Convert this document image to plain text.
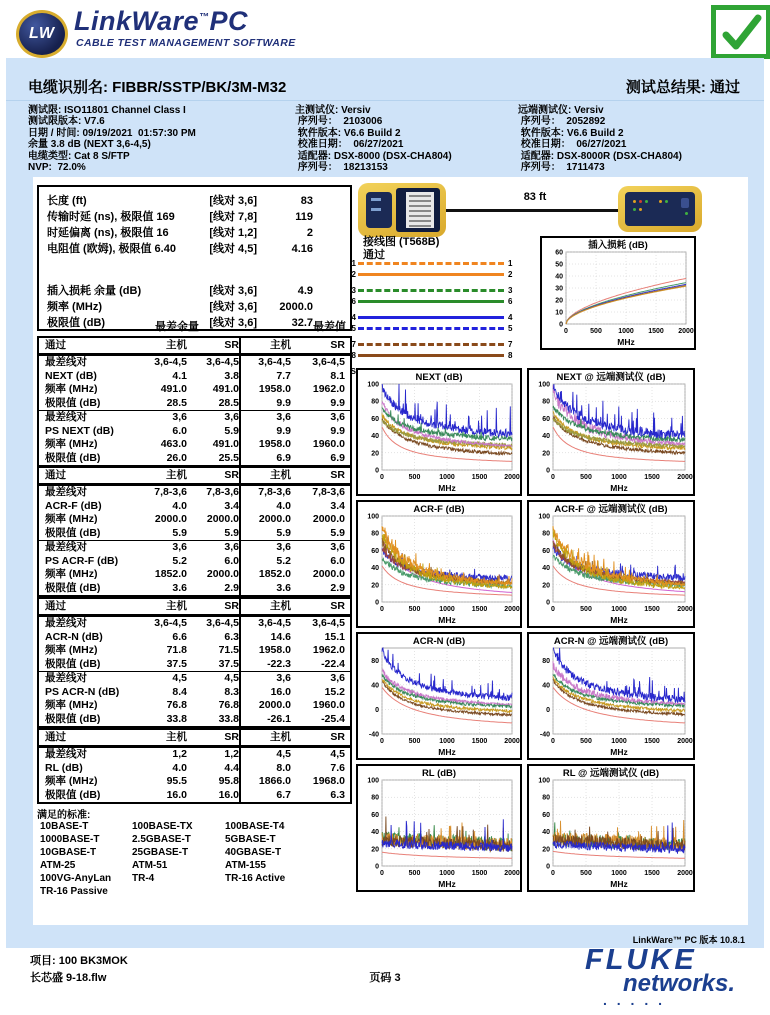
LW LinkWare™PC
CABLE TEST MANAGEMENT SOFTWARE
电缆识别名: FIBBR/SSTP/BK/3M-M32	测试总结果: 通过
测试限: ISO11801 Channel Class I
测试限版本: V7.6
日期 / 时间: 09/19/2021  01:57:30 PM
余量 3.8 dB (NEXT 3,6-4,5)
电缆类型: Cat 8 S/FTP
NVP:  72.0%
主测试仪: Versiv
序列号：  2103006
软件版本: V6.6 Build 2
校准日期：  06/27/2021
适配器: DSX-8000 (DSX-CHA804)
序列号：  18213153
远端测试仪: Versiv
序列号：  2052892
软件版本: V6.6 Build 2
校准日期：  06/27/2021
适配器: DSX-8000R (DSX-CHA804)
序列号：  1711473
长度 (ft)	[线对 3,6]	83
传输时延 (ns), 极限值 169	[线对 7,8]	119
时延偏离 (ns), 极限值 16	[线对 1,2]	2
电阻值 (欧姆), 极限值 6.40	[线对 4,5]	4.16
插入损耗 余量 (dB)	[线对 3,6]	4.9
频率 (MHz)	[线对 3,6]	2000.0
极限值 (dB)	[线对 3,6]	32.7
最差余量	最差值
通过	主机	SR	主机	SR
最差线对	3,6-4,5	3,6-4,5	3,6-4,5	3,6-4,5
NEXT (dB)	4.1	3.8	7.7	8.1
频率 (MHz)	491.0	491.0	1958.0	1962.0
极限值 (dB)	28.5	28.5	9.9	9.9
最差线对	3,6	3,6	3,6	3,6
PS NEXT (dB)	6.0	5.9	9.9	9.9
频率 (MHz)	463.0	491.0	1958.0	1960.0
极限值 (dB)	26.0	25.5	6.9	6.9
通过	主机	SR	主机	SR
最差线对	7,8-3,6	7,8-3,6	7,8-3,6	7,8-3,6
ACR-F (dB)	4.0	3.4	4.0	3.4
频率 (MHz)	2000.0	2000.0	2000.0	2000.0
极限值 (dB)	5.9	5.9	5.9	5.9
最差线对	3,6	3,6	3,6	3,6
PS ACR-F (dB)	5.2	6.0	5.2	6.0
频率 (MHz)	1852.0	2000.0	1852.0	2000.0
极限值 (dB)	3.6	2.9	3.6	2.9
通过	主机	SR	主机	SR
最差线对	3,6-4,5	3,6-4,5	3,6-4,5	3,6-4,5
ACR-N (dB)	6.6	6.3	14.6	15.1
频率 (MHz)	71.8	71.5	1958.0	1962.0
极限值 (dB)	37.5	37.5	-22.3	-22.4
最差线对	4,5	4,5	3,6	3,6
PS ACR-N (dB)	8.4	8.3	16.0	15.2
频率 (MHz)	76.8	76.8	2000.0	1960.0
极限值 (dB)	33.8	33.8	-26.1	-25.4
通过	主机	SR	主机	SR
最差线对	1,2	1,2	4,5	4,5
RL (dB)	4.0	4.4	8.0	7.6
频率 (MHz)	95.5	95.8	1866.0	1968.0
极限值 (dB)	16.0	16.0	6.7	6.3
满足的标准:
10BASE-T
1000BASE-T
10GBASE-T
ATM-25
100VG-AnyLan
TR-16 Passive
100BASE-TX
2.5GBASE-T
25GBASE-T
ATM-51
TR-4
100BASE-T4
5GBASE-T
40GBASE-T
ATM-155
TR-16 Active
83 ft
接线图 (T568B)
通过
1	1
2	2
3	3
6	6
4	4
5	5
7	7
8	8
S
插入损耗 (dB)
0
10
20
30
40
50
60
0	500 1000 1500 2000
MHz
NEXT (dB)
0
20
40
60
80
100
0	500	1000 1500 2000
MHz
NEXT @ 远端测试仪 (dB)
0
20
40
60
80
100
0	500	1000 1500 2000
MHz
ACR-F (dB)
0
20
40
60
80
100
0	500	1000 1500 2000
MHz
ACR-F @ 远端测试仪 (dB)
0
20
40
60
80
100
0	500	1000 1500 2000
MHz
ACR-N (dB)
-40
0
40
80
0	500	1000 1500 2000
MHz
ACR-N @ 远端测试仪 (dB)
-40
0
40
80
0	500	1000 1500 2000
MHz
RL (dB)
0
20
40
60
80
100
0	500	1000 1500 2000
MHz
RL @ 远端测试仪 (dB)
0
20
40
60
80
100
0	500	1000 1500 2000
MHz
LinkWare™ PC 版本 10.8.1
项目: 100 BK3MOK
长芯盛 9-18.flw	页码 3
FLUKE
networks.
. . . . .
